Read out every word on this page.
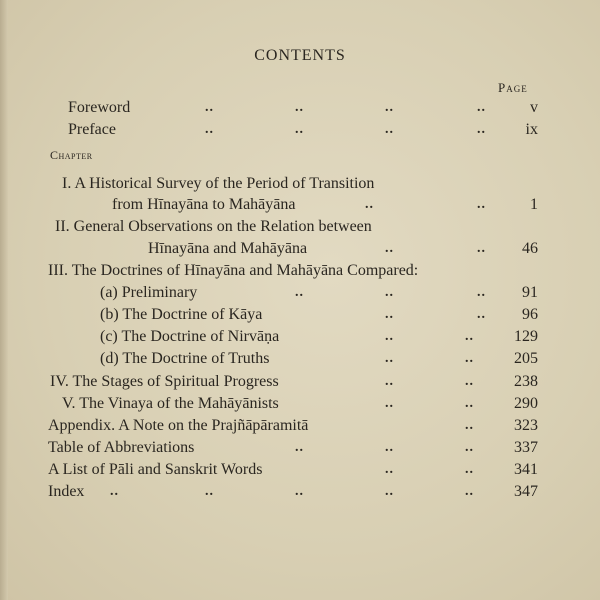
CONTENTS
Page
Chapter
Foreword	..	..	..	..	v
Preface	..	..	..	..	ix
I. A Historical Survey of the Period of Transition
from Hīnayāna to Mahāyāna	..	..	1
II. General Observations on the Relation between
Hīnayāna and Mahāyāna	..	..	46
III. The Doctrines of Hīnayāna and Mahāyāna Compared:
(a) Preliminary	..	..	..	91
(b) The Doctrine of Kāya	..	..	96
(c) The Doctrine of Nirvāṇa	..	..	129
(d) The Doctrine of Truths	..	..	205
IV. The Stages of Spiritual Progress	..	..	238
V. The Vinaya of the Mahāyānists	..	..	290
Appendix. A Note on the Prajñāpāramitā	..	323
Table of Abbreviations	..	..	..	337
A List of Pāli and Sanskrit Words	..	..	341
Index ..	..	..	..	..	347
